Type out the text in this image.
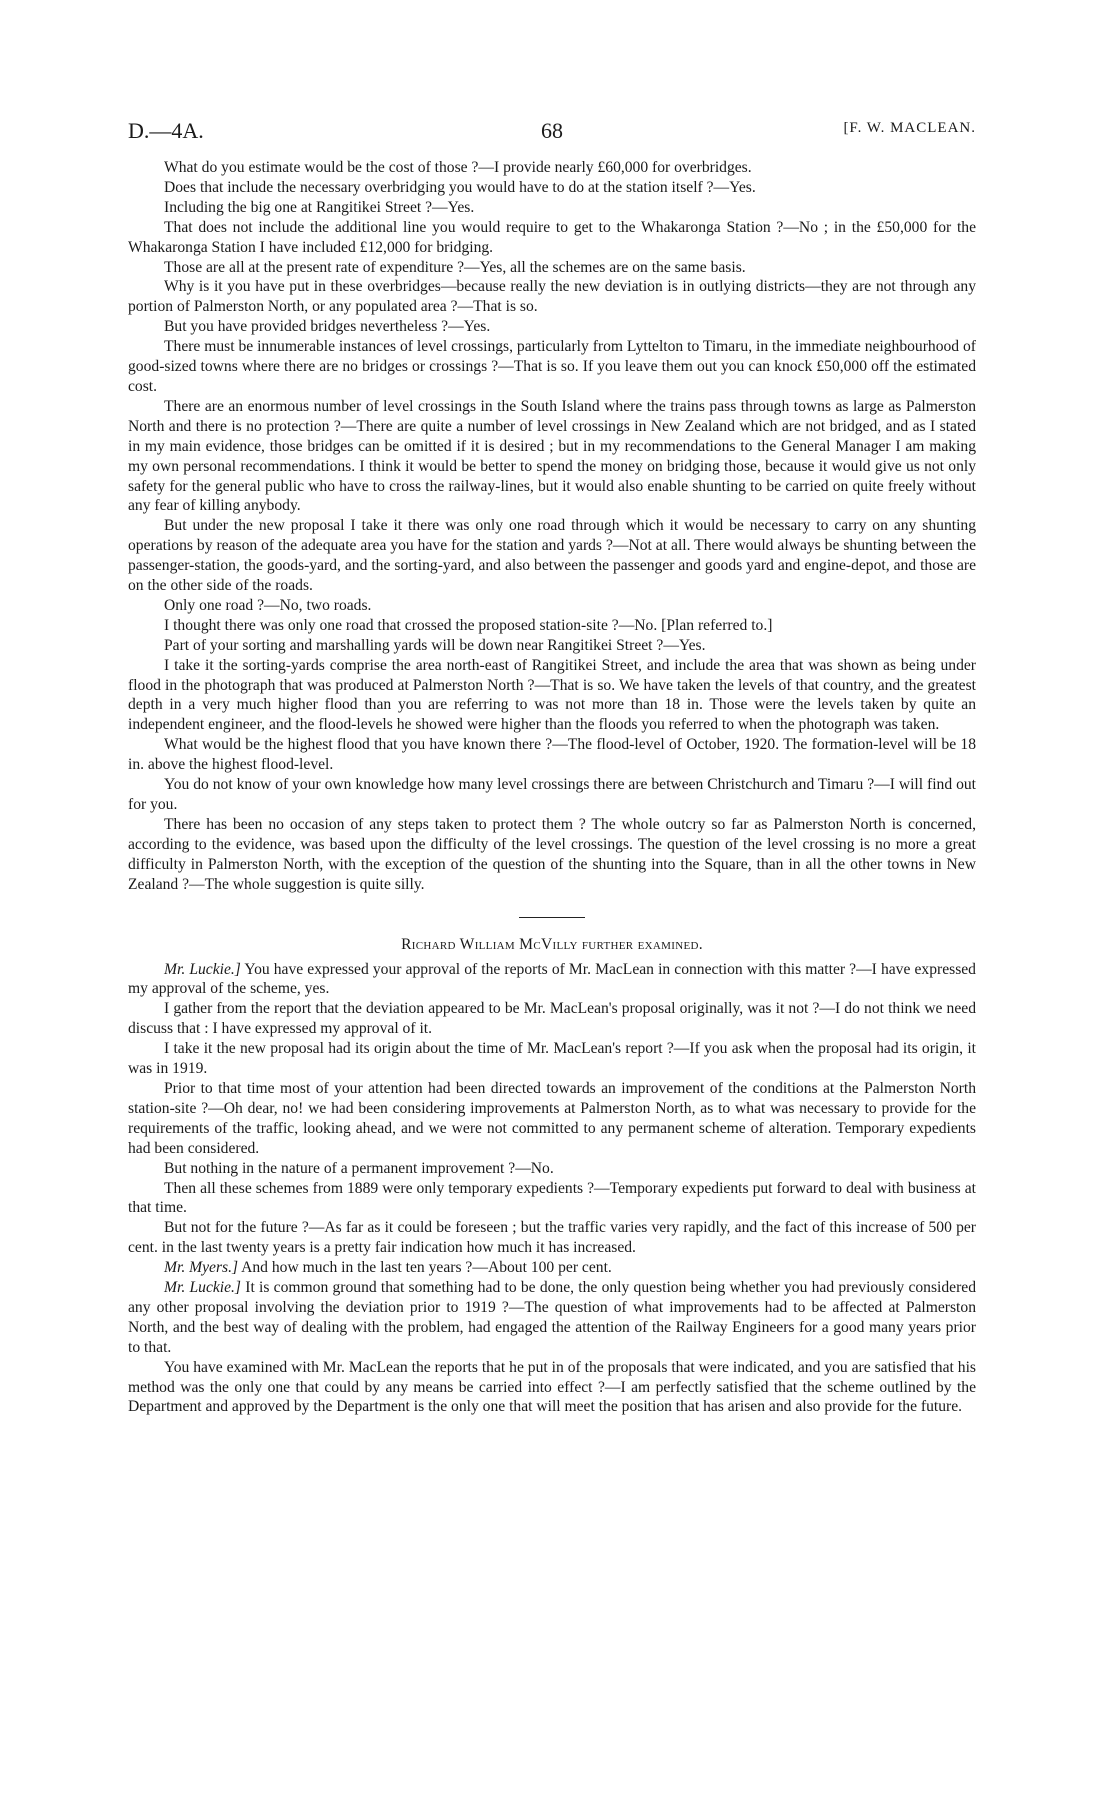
D.—4A.	68	[F. W. MACLEAN.

What do you estimate would be the cost of those ?—I provide nearly £60,000 for overbridges.

Does that include the necessary overbridging you would have to do at the station itself ?—Yes.

Including the big one at Rangitikei Street ?—Yes.

That does not include the additional line you would require to get to the Whakaronga Station ?—No ; in the £50,000 for the Whakaronga Station I have included £12,000 for bridging.

Those are all at the present rate of expenditure ?—Yes, all the schemes are on the same basis.

Why is it you have put in these overbridges—because really the new deviation is in outlying districts—they are not through any portion of Palmerston North, or any populated area ?—That is so.

But you have provided bridges nevertheless ?—Yes.

There must be innumerable instances of level crossings, particularly from Lyttelton to Timaru, in the immediate neighbourhood of good-sized towns where there are no bridges or crossings ?—That is so. If you leave them out you can knock £50,000 off the estimated cost.

There are an enormous number of level crossings in the South Island where the trains pass through towns as large as Palmerston North and there is no protection ?—There are quite a number of level crossings in New Zealand which are not bridged, and as I stated in my main evidence, those bridges can be omitted if it is desired ; but in my recommendations to the General Manager I am making my own personal recommendations. I think it would be better to spend the money on bridging those, because it would give us not only safety for the general public who have to cross the railway-lines, but it would also enable shunting to be carried on quite freely without any fear of killing anybody.

But under the new proposal I take it there was only one road through which it would be necessary to carry on any shunting operations by reason of the adequate area you have for the station and yards ?—Not at all. There would always be shunting between the passenger-station, the goods-yard, and the sorting-yard, and also between the passenger and goods yard and engine-depot, and those are on the other side of the roads.

Only one road ?—No, two roads.

I thought there was only one road that crossed the proposed station-site ?—No. [Plan referred to.]

Part of your sorting and marshalling yards will be down near Rangitikei Street ?—Yes.

I take it the sorting-yards comprise the area north-east of Rangitikei Street, and include the area that was shown as being under flood in the photograph that was produced at Palmerston North ?—That is so. We have taken the levels of that country, and the greatest depth in a very much higher flood than you are referring to was not more than 18 in. Those were the levels taken by quite an independent engineer, and the flood-levels he showed were higher than the floods you referred to when the photograph was taken.

What would be the highest flood that you have known there ?—The flood-level of October, 1920. The formation-level will be 18 in. above the highest flood-level.

You do not know of your own knowledge how many level crossings there are between Christchurch and Timaru ?—I will find out for you.

There has been no occasion of any steps taken to protect them ? The whole outcry so far as Palmerston North is concerned, according to the evidence, was based upon the difficulty of the level crossings. The question of the level crossing is no more a great difficulty in Palmerston North, with the exception of the question of the shunting into the Square, than in all the other towns in New Zealand ?—The whole suggestion is quite silly.

Richard William McVilly further examined.

Mr. Luckie.] You have expressed your approval of the reports of Mr. MacLean in connection with this matter ?—I have expressed my approval of the scheme, yes.

I gather from the report that the deviation appeared to be Mr. MacLean's proposal originally, was it not ?—I do not think we need discuss that : I have expressed my approval of it.

I take it the new proposal had its origin about the time of Mr. MacLean's report ?—If you ask when the proposal had its origin, it was in 1919.

Prior to that time most of your attention had been directed towards an improvement of the conditions at the Palmerston North station-site ?—Oh dear, no! we had been considering improvements at Palmerston North, as to what was necessary to provide for the requirements of the traffic, looking ahead, and we were not committed to any permanent scheme of alteration. Temporary expedients had been considered.

But nothing in the nature of a permanent improvement ?—No.

Then all these schemes from 1889 were only temporary expedients ?—Temporary expedients put forward to deal with business at that time.

But not for the future ?—As far as it could be foreseen ; but the traffic varies very rapidly, and the fact of this increase of 500 per cent. in the last twenty years is a pretty fair indication how much it has increased.

Mr. Myers.] And how much in the last ten years ?—About 100 per cent.

Mr. Luckie.] It is common ground that something had to be done, the only question being whether you had previously considered any other proposal involving the deviation prior to 1919 ?—The question of what improvements had to be affected at Palmerston North, and the best way of dealing with the problem, had engaged the attention of the Railway Engineers for a good many years prior to that.

You have examined with Mr. MacLean the reports that he put in of the proposals that were indicated, and you are satisfied that his method was the only one that could by any means be carried into effect ?—I am perfectly satisfied that the scheme outlined by the Department and approved by the Department is the only one that will meet the position that has arisen and also provide for the future.
